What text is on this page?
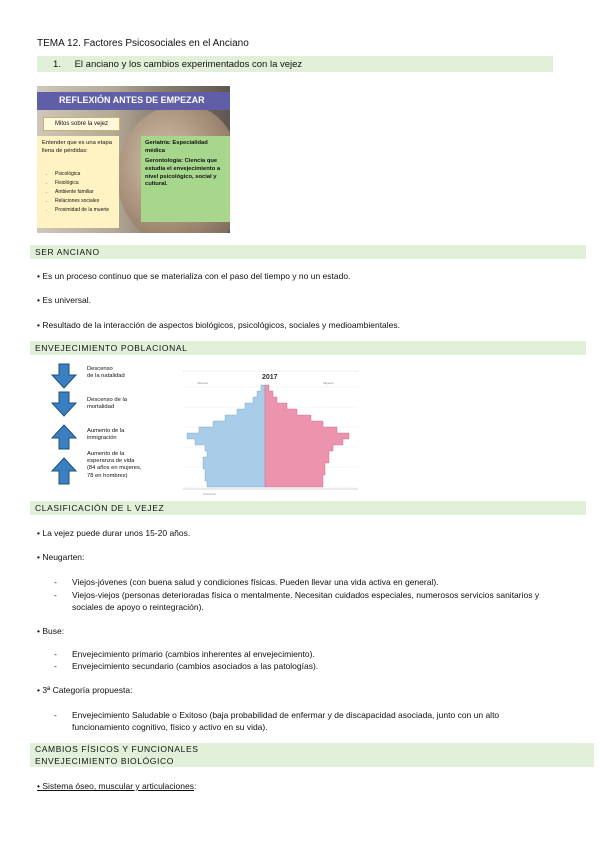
TEMA 12. Factores Psicosociales en el Anciano
1. El anciano y los cambios experimentados con la vejez
REFLEXIÓN ANTES DE EMPEZAR
Mitos sobre la vejez
Entender que es una etapa llena de pérdidas:
• Psicológica
• Fisiológica
• Ambiente familiar
• Relaciones sociales
• Proximidad de la muerte

Geriatría: Especialidad médica

Gerontología: Ciencia que estudia el envejecimiento a nivel psicológico, social y cultural.

SER ANCIANO
• Es un proceso continuo que se materializa con el paso del tiempo y no un estado.
• Es universal.
• Resultado de la interacción de aspectos biológicos, psicológicos, sociales y medioambientales.
ENVEJECIMIENTO POBLACIONAL
Descenso
de la natalidad
Descenso de la
mortalidad
Aumento de la
inmigración
Aumento de la
esperanza de vida
(84 años en mujeres,
78 en hombres)
2017
Varones	Mujeres
Población
CLASIFICACIÓN DE L VEJEZ
• La vejez puede durar unos 15-20 años.
• Neugarten:
- Viejos-jóvenes (con buena salud y condiciones físicas. Pueden llevar una vida activa en general).
- Viejos-viejos (personas deterioradas física o mentalmente. Necesitan cuidados especiales, numerosos servicios sanitarios y sociales de apoyo o reintegración).
• Buse:
- Envejecimiento primario (cambios inherentes al envejecimiento).
- Envejecimiento secundario (cambios asociados a las patologías).
• 3ª Categoría propuesta:
- Envejecimiento Saludable o Exitoso (baja probabilidad de enfermar y de discapacidad asociada, junto con un alto funcionamiento cognitivo, físico y activo en su vida).
CAMBIOS FÍSICOS Y FUNCIONALES
ENVEJECIMIENTO BIOLÓGICO
• Sistema óseo, muscular y articulaciones:
